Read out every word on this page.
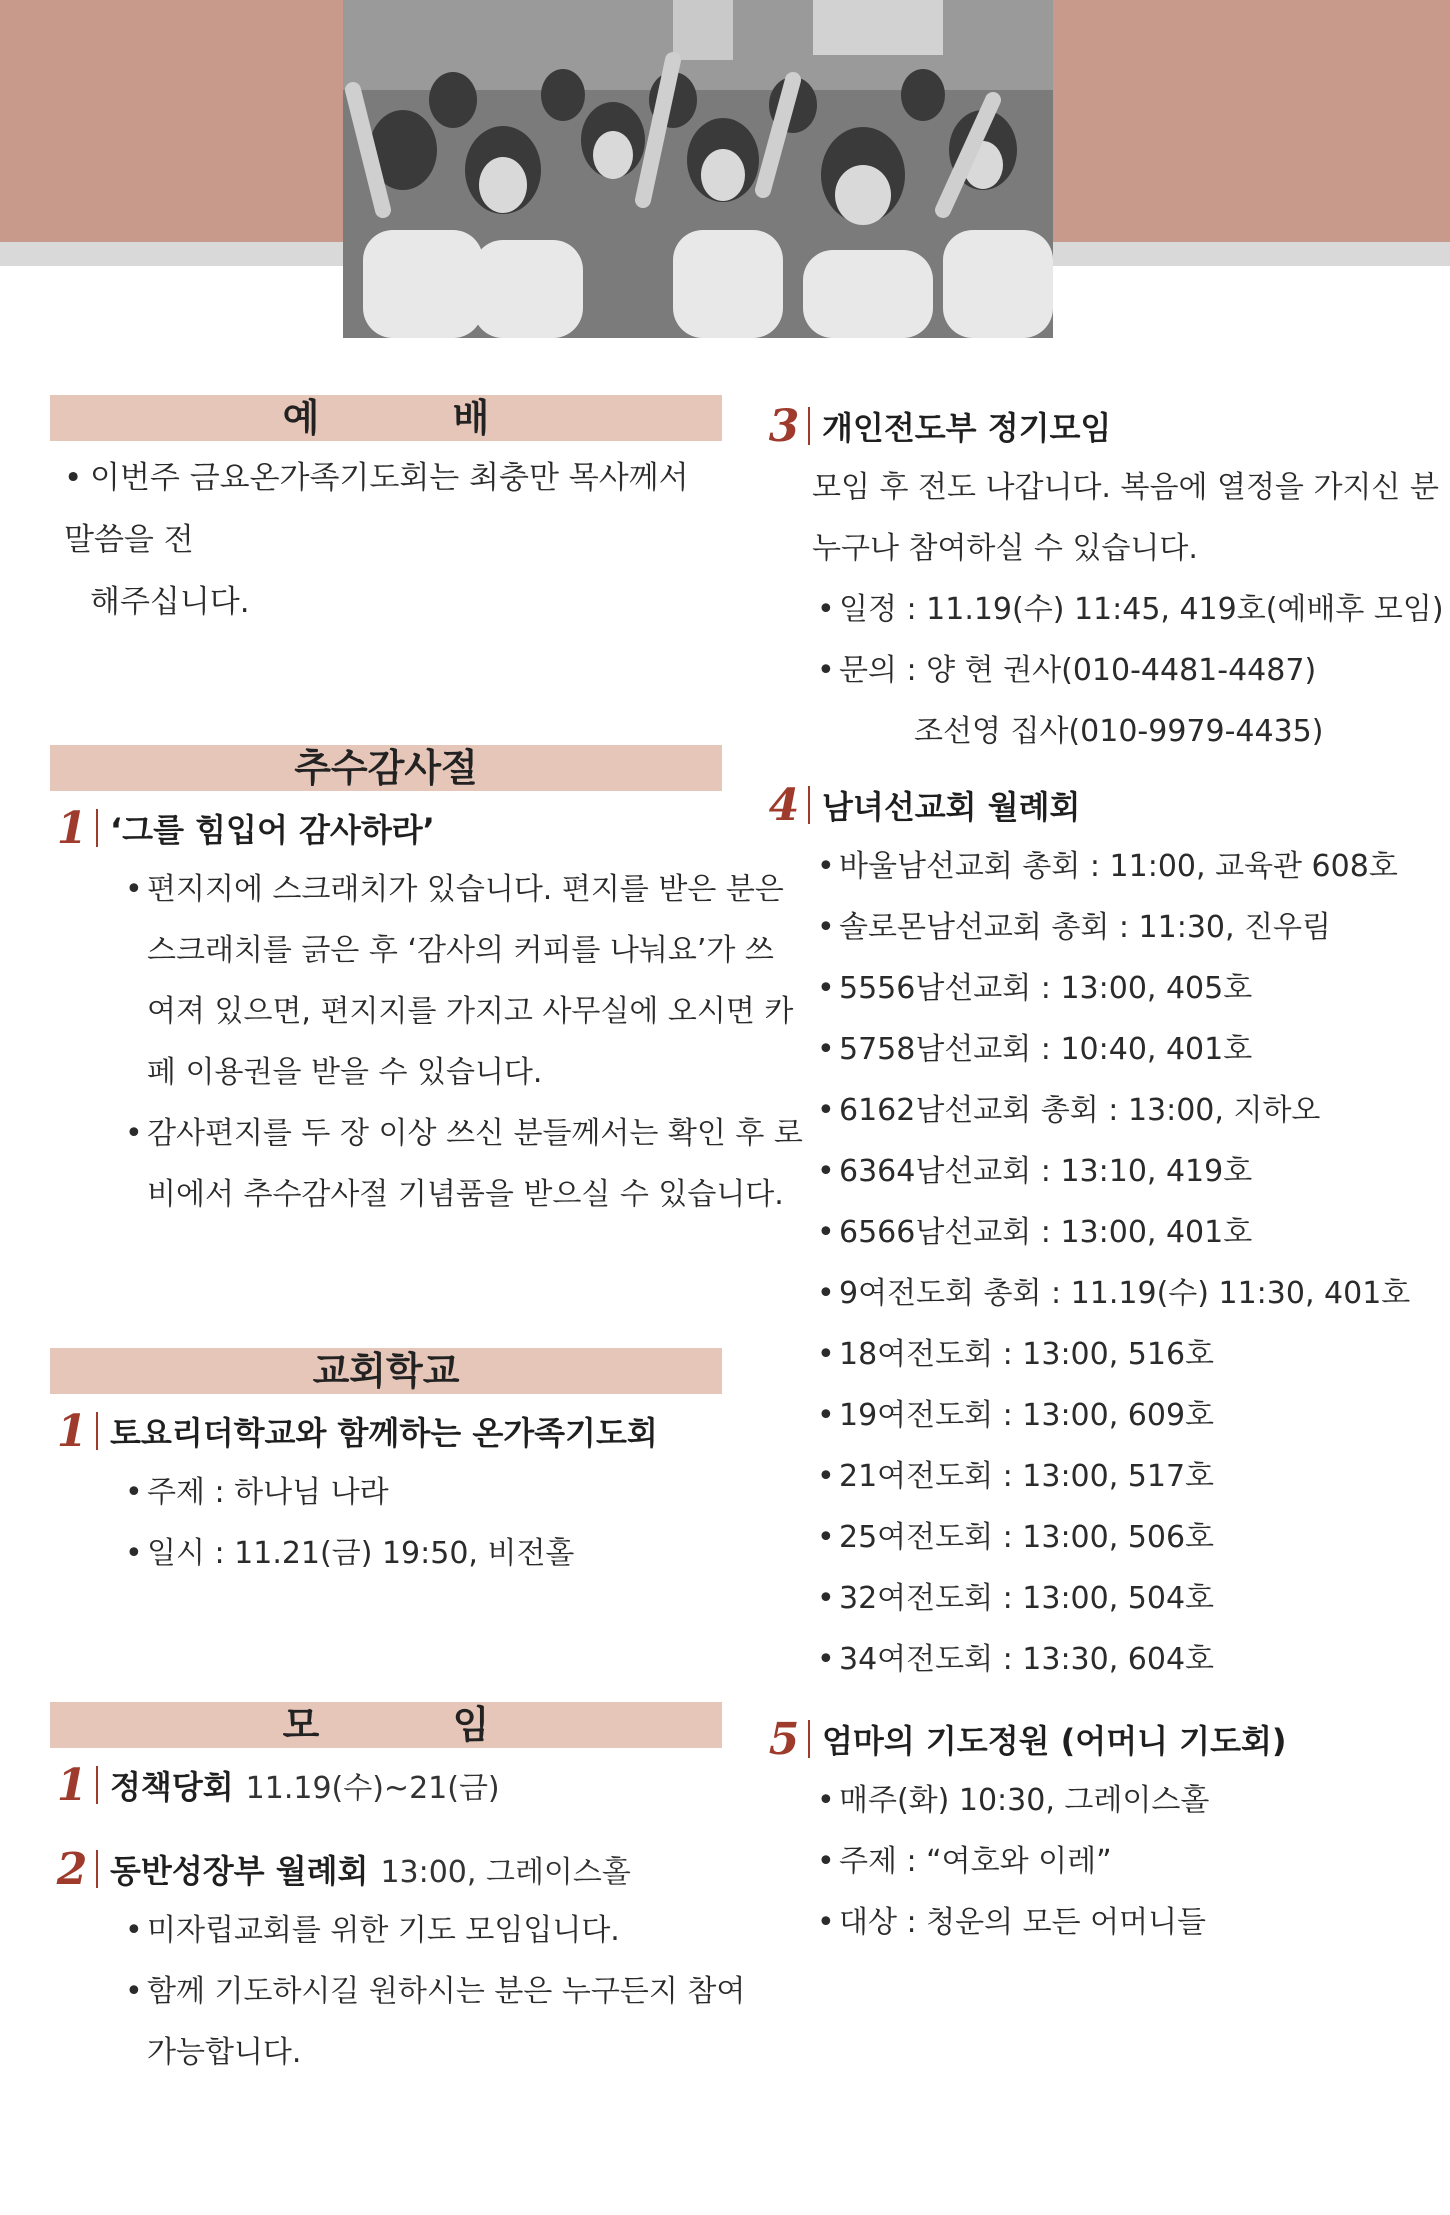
예 배
• 이번주 금요온가족기도회는 최충만 목사께서 말씀을 전
해주십니다.
추수감사절
1 ‘그를 힘입어 감사하라’
• 편지지에 스크래치가 있습니다. 편지를 받은 분은
스크래치를 긁은 후 ‘감사의 커피를 나눠요’가 쓰
여져 있으면, 편지지를 가지고 사무실에 오시면 카
페 이용권을 받을 수 있습니다.
• 감사편지를 두 장 이상 쓰신 분들께서는 확인 후 로
비에서 추수감사절 기념품을 받으실 수 있습니다.
교회학교
1 토요리더학교와 함께하는 온가족기도회
• 주제 : 하나님 나라
• 일시 : 11.21(금) 19:50, 비전홀
모 임
1 정책당회 11.19(수)~21(금)
2 동반성장부 월례회 13:00, 그레이스홀
• 미자립교회를 위한 기도 모임입니다.
• 함께 기도하시길 원하시는 분은 누구든지 참여
가능합니다.
3 개인전도부 정기모임
모임 후 전도 나갑니다. 복음에 열정을 가지신 분
누구나 참여하실 수 있습니다.
• 일정 : 11.19(수) 11:45, 419호(예배후 모임)
• 문의 : 양 현 권사(010-4481-4487)
조선영 집사(010-9979-4435)
4 남녀선교회 월례회
• 바울남선교회 총회 : 11:00, 교육관 608호
• 솔로몬남선교회 총회 : 11:30, 진우림
• 5556남선교회 : 13:00, 405호
• 5758남선교회 : 10:40, 401호
• 6162남선교회 총회 : 13:00, 지하오
• 6364남선교회 : 13:10, 419호
• 6566남선교회 : 13:00, 401호
• 9여전도회 총회 : 11.19(수) 11:30, 401호
• 18여전도회 : 13:00, 516호
• 19여전도회 : 13:00, 609호
• 21여전도회 : 13:00, 517호
• 25여전도회 : 13:00, 506호
• 32여전도회 : 13:00, 504호
• 34여전도회 : 13:30, 604호
5 엄마의 기도정원 (어머니 기도회)
• 매주(화) 10:30, 그레이스홀
• 주제 : “여호와 이레”
• 대상 : 청운의 모든 어머니들
